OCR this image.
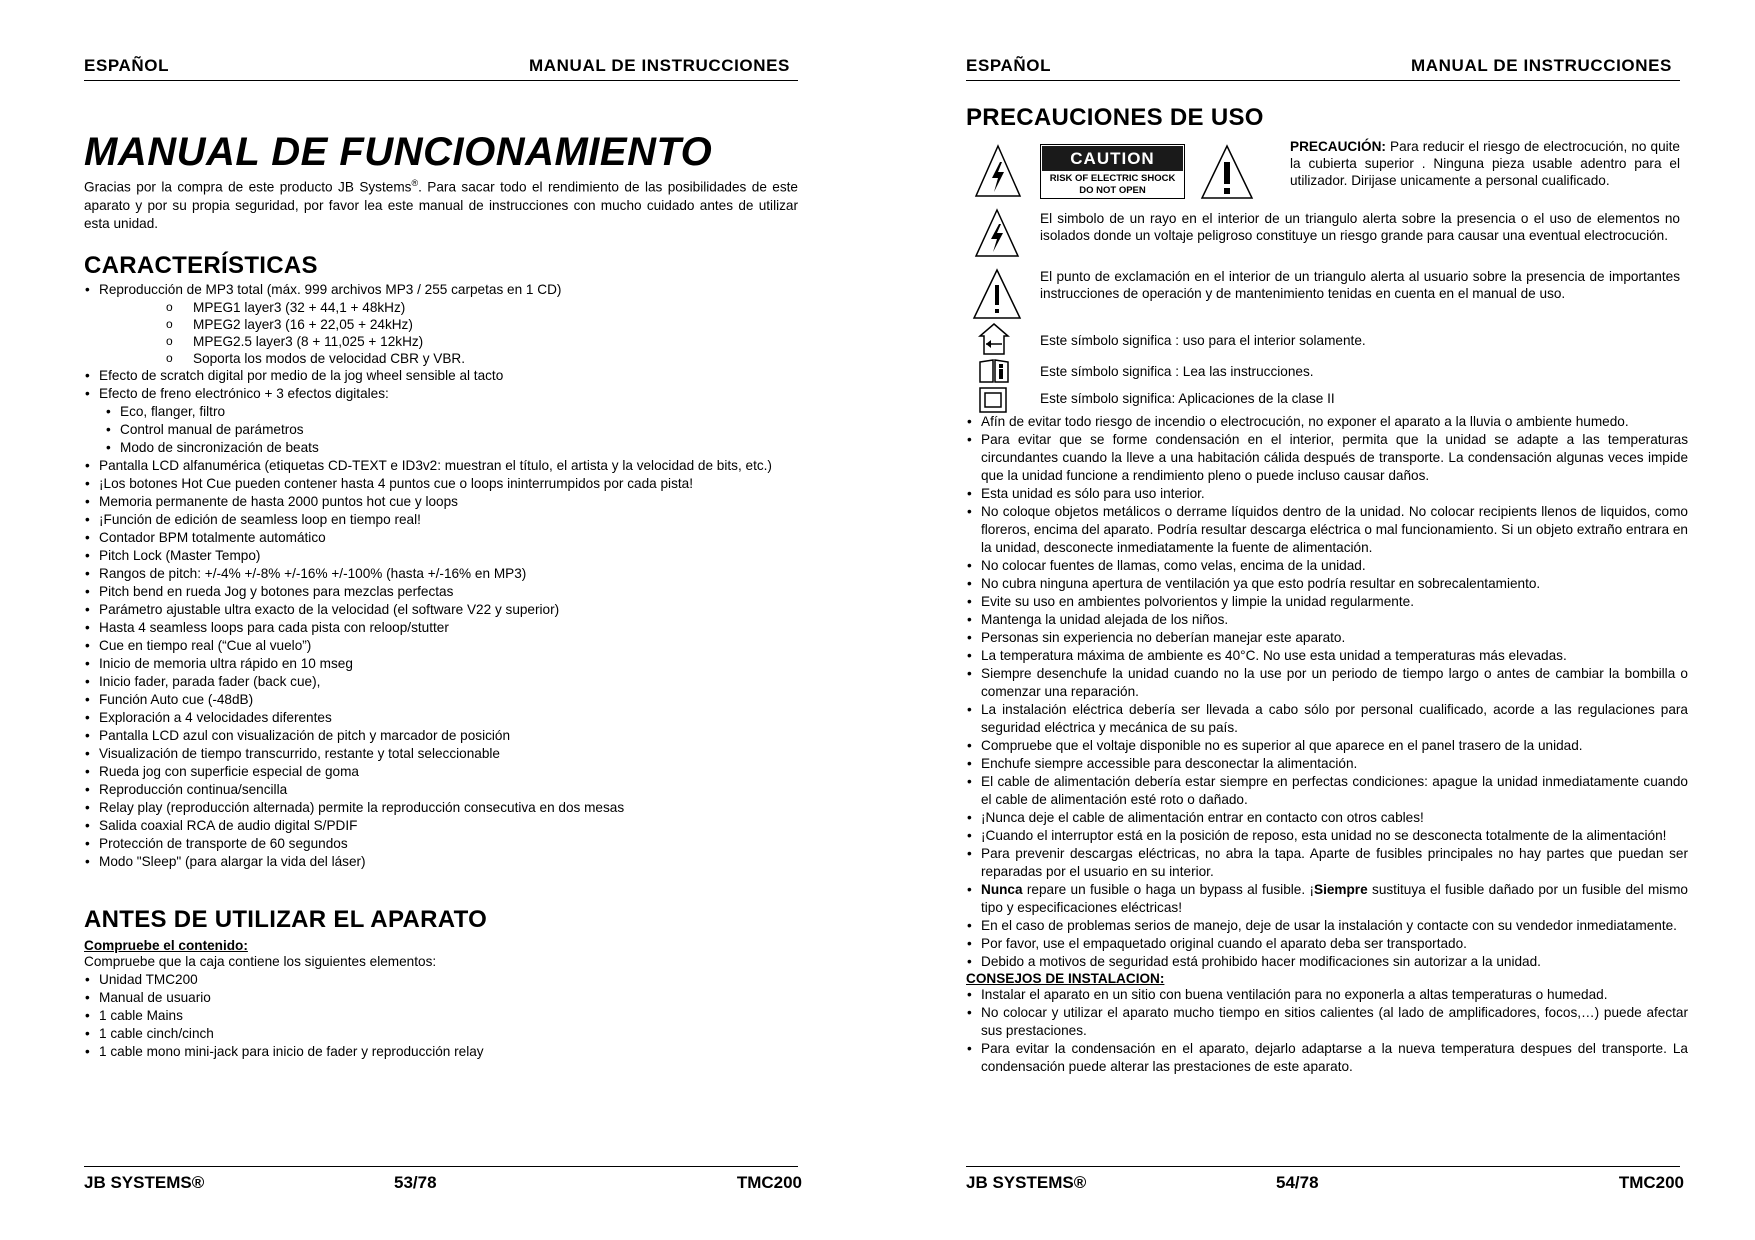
ESPAÑOL	MANUAL DE INSTRUCCIONES
MANUAL DE FUNCIONAMIENTO
Gracias por la compra de este producto JB Systems®. Para sacar todo el rendimiento de las posibilidades de este aparato y por su propia seguridad, por favor lea este manual de instrucciones con mucho cuidado antes de utilizar esta unidad.
CARACTERÍSTICAS
• Reproducción de MP3 total (máx. 999 archivos MP3 / 255 carpetas en 1 CD)
o MPEG1 layer3 (32 + 44,1 + 48kHz)
o MPEG2 layer3 (16 + 22,05 + 24kHz)
o MPEG2.5 layer3 (8 + 11,025 + 12kHz)
o Soporta los modos de velocidad CBR y VBR.
• Efecto de scratch digital por medio de la jog wheel sensible al tacto
• Efecto de freno electrónico + 3 efectos digitales:
• Eco, flanger, filtro
• Control manual de parámetros
• Modo de sincronización de beats
• Pantalla LCD alfanumérica (etiquetas CD-TEXT e ID3v2: muestran el título, el artista y la velocidad de bits, etc.)
• ¡Los botones Hot Cue pueden contener hasta 4 puntos cue o loops ininterrumpidos por cada pista!
• Memoria permanente de hasta 2000 puntos hot cue y loops
• ¡Función de edición de seamless loop en tiempo real!
• Contador BPM totalmente automático
• Pitch Lock (Master Tempo)
• Rangos de pitch: +/-4% +/-8% +/-16% +/-100% (hasta +/-16% en MP3)
• Pitch bend en rueda Jog y botones para mezclas perfectas
• Parámetro ajustable ultra exacto de la velocidad (el software V22 y superior)
• Hasta 4 seamless loops para cada pista con reloop/stutter
• Cue en tiempo real (“Cue al vuelo”)
• Inicio de memoria ultra rápido en 10 mseg
• Inicio fader, parada fader (back cue),
• Función Auto cue (-48dB)
• Exploración a 4 velocidades diferentes
• Pantalla LCD azul con visualización de pitch y marcador de posición
• Visualización de tiempo transcurrido, restante y total seleccionable
• Rueda jog con superficie especial de goma
• Reproducción continua/sencilla
• Relay play (reproducción alternada) permite la reproducción consecutiva en dos mesas
• Salida coaxial RCA de audio digital S/PDIF
• Protección de transporte de 60 segundos
• Modo "Sleep" (para alargar la vida del láser)
ANTES DE UTILIZAR EL APARATO
Compruebe el contenido:
Compruebe que la caja contiene los siguientes elementos:
• Unidad TMC200
• Manual de usuario
• 1 cable Mains
• 1 cable cinch/cinch
• 1 cable mono mini-jack para inicio de fader y reproducción relay
JB SYSTEMS®	53/78	TMC200
ESPAÑOL	MANUAL DE INSTRUCCIONES
PRECAUCIONES DE USO
CAUTION
RISK OF ELECTRIC SHOCK
DO NOT OPEN
PRECAUCIÓN: Para reducir el riesgo de electrocución, no quite la cubierta superior . Ninguna pieza usable adentro para el utilizador. Dirijase unicamente a personal cualificado.
El simbolo de un rayo en el interior de un triangulo alerta sobre la presencia o el uso de elementos no isolados donde un voltaje peligroso constituye un riesgo grande para causar una eventual electrocución.
El punto de exclamación en el interior de un triangulo alerta al usuario sobre la presencia de importantes instrucciones de operación y de mantenimiento tenidas en cuenta en el manual de uso.
Este símbolo significa : uso para el interior solamente.
Este símbolo significa : Lea las instrucciones.
Este símbolo significa: Aplicaciones de la clase II
• Afín de evitar todo riesgo de incendio o electrocución, no exponer el aparato a la lluvia o ambiente humedo.
• Para evitar que se forme condensación en el interior, permita que la unidad se adapte a las temperaturas circundantes cuando la lleve a una habitación cálida después de transporte. La condensación algunas veces impide que la unidad funcione a rendimiento pleno o puede incluso causar daños.
• Esta unidad es sólo para uso interior.
• No coloque objetos metálicos o derrame líquidos dentro de la unidad. No colocar recipients llenos de liquidos, como floreros, encima del aparato. Podría resultar descarga eléctrica o mal funcionamiento. Si un objeto extraño entrara en la unidad, desconecte inmediatamente la fuente de alimentación.
• No colocar fuentes de llamas, como velas, encima de la unidad.
• No cubra ninguna apertura de ventilación ya que esto podría resultar en sobrecalentamiento.
• Evite su uso en ambientes polvorientos y limpie la unidad regularmente.
• Mantenga la unidad alejada de los niños.
• Personas sin experiencia no deberían manejar este aparato.
• La temperatura máxima de ambiente es 40°C. No use esta unidad a temperaturas más elevadas.
• Siempre desenchufe la unidad cuando no la use por un periodo de tiempo largo o antes de cambiar la bombilla o comenzar una reparación.
• La instalación eléctrica debería ser llevada a cabo sólo por personal cualificado, acorde a las regulaciones para seguridad eléctrica y mecánica de su país.
• Compruebe que el voltaje disponible no es superior al que aparece en el panel trasero de la unidad.
• Enchufe siempre accessible para desconectar la alimentación.
• El cable de alimentación debería estar siempre en perfectas condiciones: apague la unidad inmediatamente cuando el cable de alimentación esté roto o dañado.
• ¡Nunca deje el cable de alimentación entrar en contacto con otros cables!
• ¡Cuando el interruptor está en la posición de reposo, esta unidad no se desconecta totalmente de la alimentación!
• Para prevenir descargas eléctricas, no abra la tapa. Aparte de fusibles principales no hay partes que puedan ser reparadas por el usuario en su interior.
• Nunca repare un fusible o haga un bypass al fusible. ¡Siempre sustituya el fusible dañado por un fusible del mismo tipo y especificaciones eléctricas!
• En el caso de problemas serios de manejo, deje de usar la instalación y contacte con su vendedor inmediatamente.
• Por favor, use el empaquetado original cuando el aparato deba ser transportado.
• Debido a motivos de seguridad está prohibido hacer modificaciones sin autorizar a la unidad.
CONSEJOS DE INSTALACION:
• Instalar el aparato en un sitio con buena ventilación para no exponerla a altas temperaturas o humedad.
• No colocar y utilizar el aparato mucho tiempo en sitios calientes (al lado de amplificadores, focos,…) puede afectar sus prestaciones.
• Para evitar la condensación en el aparato, dejarlo adaptarse a la nueva temperatura despues del transporte. La condensación puede alterar las prestaciones de este aparato.
JB SYSTEMS®	54/78	TMC200
